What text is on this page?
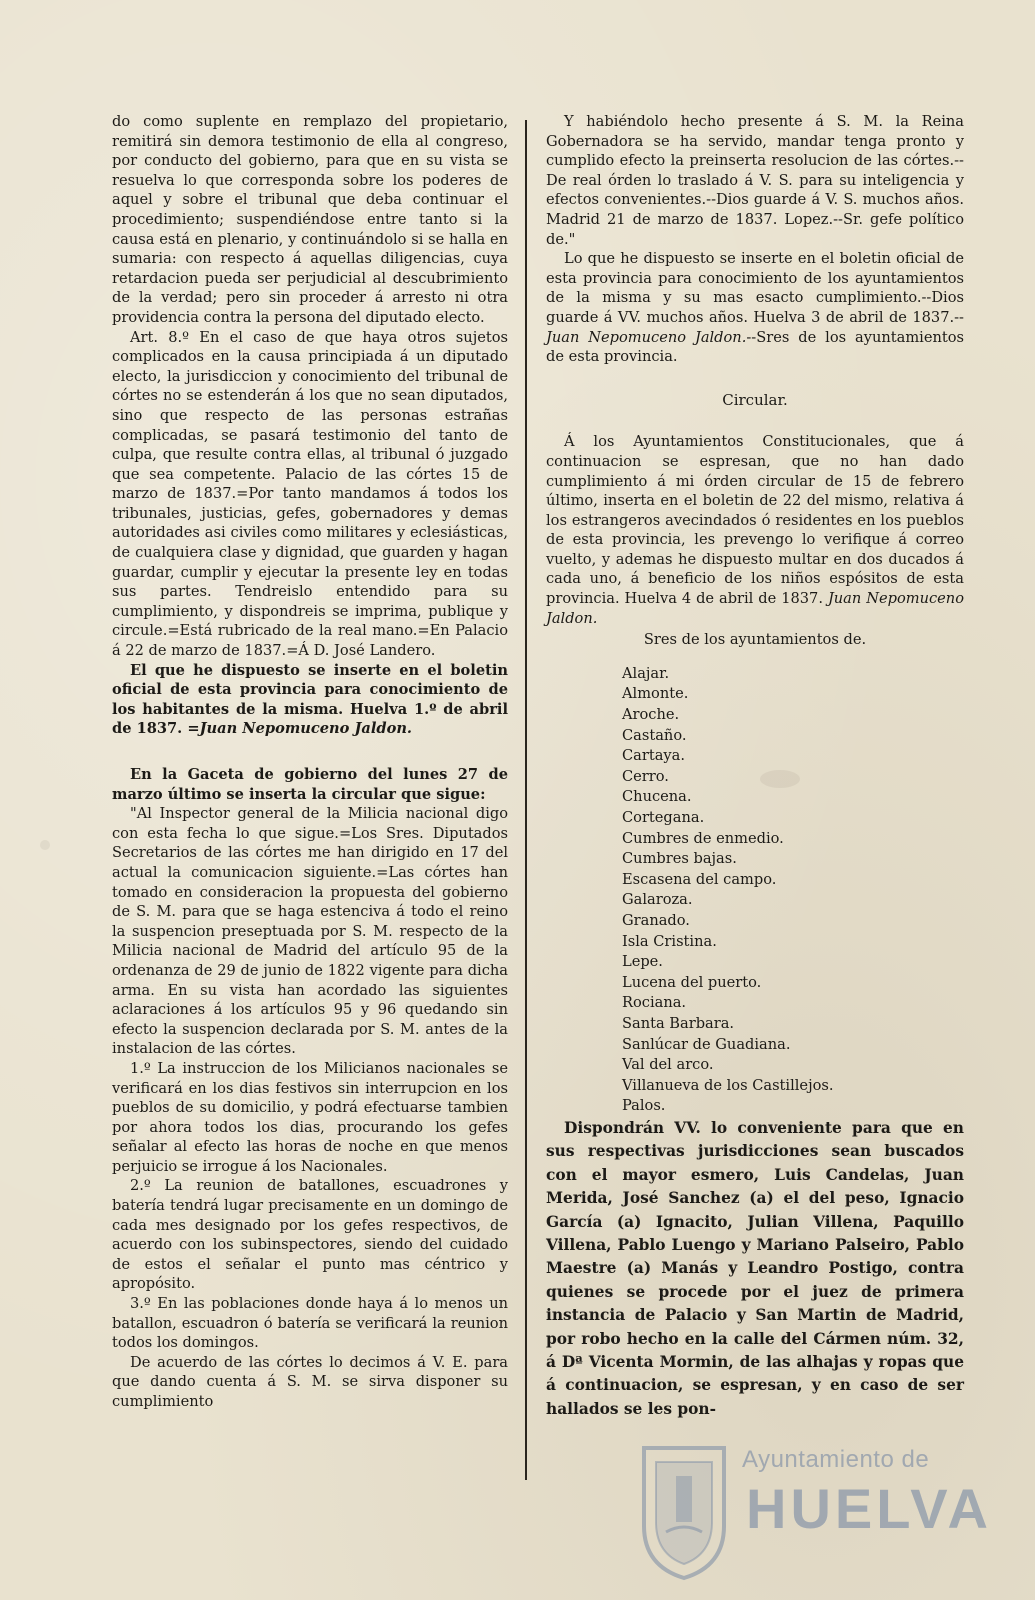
do como suplente en remplazo del propietario, remitirá sin demora testimonio de ella al congreso, por conducto del gobierno, para que en su vista se resuelva lo que corresponda sobre los poderes de aquel y sobre el tribunal que deba continuar el procedimiento; suspendiéndose entre tanto si la causa está en plenario, y continuándolo si se halla en sumaria: con respecto á aquellas diligencias, cuya retardacion pueda ser perjudicial al descubrimiento de la verdad; pero sin proceder á arresto ni otra providencia contra la persona del diputado electo.

Art. 8.º En el caso de que haya otros sujetos complicados en la causa principiada á un diputado electo, la jurisdiccion y conocimiento del tribunal de córtes no se estenderán á los que no sean diputados, sino que respecto de las personas estrañas complicadas, se pasará testimonio del tanto de culpa, que resulte contra ellas, al tribunal ó juzgado que sea competente. Palacio de las córtes 15 de marzo de 1837.=Por tanto mandamos á todos los tribunales, justicias, gefes, gobernadores y demas autoridades asi civiles como militares y eclesiásticas, de cualquiera clase y dignidad, que guarden y hagan guardar, cumplir y ejecutar la presente ley en todas sus partes. Tendreislo entendido para su cumplimiento, y dispondreis se imprima, publique y circule.=Está rubricado de la real mano.=En Palacio á 22 de marzo de 1837.=Á D. José Landero.

El que he dispuesto se inserte en el boletin oficial de esta provincia para conocimiento de los habitantes de la misma. Huelva 1.º de abril de 1837. =Juan Nepomuceno Jaldon.

En la Gaceta de gobierno del lunes 27 de marzo último se inserta la circular que sigue:

"Al Inspector general de la Milicia nacional digo con esta fecha lo que sigue.=Los Sres. Diputados Secretarios de las córtes me han dirigido en 17 del actual la comunicacion siguiente.=Las córtes han tomado en consideracion la propuesta del gobierno de S. M. para que se haga estenciva á todo el reino la suspencion preseptuada por S. M. respecto de la Milicia nacional de Madrid del artículo 95 de la ordenanza de 29 de junio de 1822 vigente para dicha arma. En su vista han acordado las siguientes aclaraciones á los artículos 95 y 96 quedando sin efecto la suspencion declarada por S. M. antes de la instalacion de las córtes.

1.º La instruccion de los Milicianos nacionales se verificará en los dias festivos sin interrupcion en los pueblos de su domicilio, y podrá efectuarse tambien por ahora todos los dias, procurando los gefes señalar al efecto las horas de noche en que menos perjuicio se irrogue á los Nacionales.

2.º La reunion de batallones, escuadrones y batería tendrá lugar precisamente en un domingo de cada mes designado por los gefes respectivos, de acuerdo con los subinspectores, siendo del cuidado de estos el señalar el punto mas céntrico y apropósito.

3.º En las poblaciones donde haya á lo menos un batallon, escuadron ó batería se verificará la reunion todos los domingos.

De acuerdo de las córtes lo decimos á V. E. para que dando cuenta á S. M. se sirva disponer su cumplimiento

Y habiéndolo hecho presente á S. M. la Reina Gobernadora se ha servido, mandar tenga pronto y cumplido efecto la preinserta resolucion de las córtes.--De real órden lo traslado á V. S. para su inteligencia y efectos convenientes.--Dios guarde á V. S. muchos años. Madrid 21 de marzo de 1837. Lopez.--Sr. gefe político de."

Lo que he dispuesto se inserte en el boletin oficial de esta provincia para conocimiento de los ayuntamientos de la misma y su mas esacto cumplimiento.--Dios guarde á VV. muchos años. Huelva 3 de abril de 1837.--Juan Nepomuceno Jaldon.--Sres de los ayuntamientos de esta provincia.

Circular.

Á los Ayuntamientos Constitucionales, que á continuacion se espresan, que no han dado cumplimiento á mi órden circular de 15 de febrero último, inserta en el boletin de 22 del mismo, relativa á los estrangeros avecindados ó residentes en los pueblos de esta provincia, les prevengo lo verifique á correo vuelto, y ademas he dispuesto multar en dos ducados á cada uno, á beneficio de los niños espósitos de esta provincia. Huelva 4 de abril de 1837. Juan Nepomuceno Jaldon.

Sres de los ayuntamientos de.
Alajar.
Almonte.
Aroche.
Castaño.
Cartaya.
Cerro.
Chucena.
Cortegana.
Cumbres de enmedio.
Cumbres bajas.
Escasena del campo.
Galaroza.
Granado.
Isla Cristina.
Lepe.
Lucena del puerto.
Rociana.
Santa Barbara.
Sanlúcar de Guadiana.
Val del arco.
Villanueva de los Castillejos.
Palos.

Dispondrán VV. lo conveniente para que en sus respectivas jurisdicciones sean buscados con el mayor esmero, Luis Candelas, Juan Merida, José Sanchez (a) el del peso, Ignacio García (a) Ignacito, Julian Villena, Paquillo Villena, Pablo Luengo y Mariano Palseiro, Pablo Maestre (a) Manás y Leandro Postigo, contra quienes se procede por el juez de primera instancia de Palacio y San Martin de Madrid, por robo hecho en la calle del Cármen núm. 32, á Dª Vicenta Mormin, de las alhajas y ropas que á continuacion, se espresan, y en caso de ser hallados se les pon-

Ayuntamiento de
HUELVA
